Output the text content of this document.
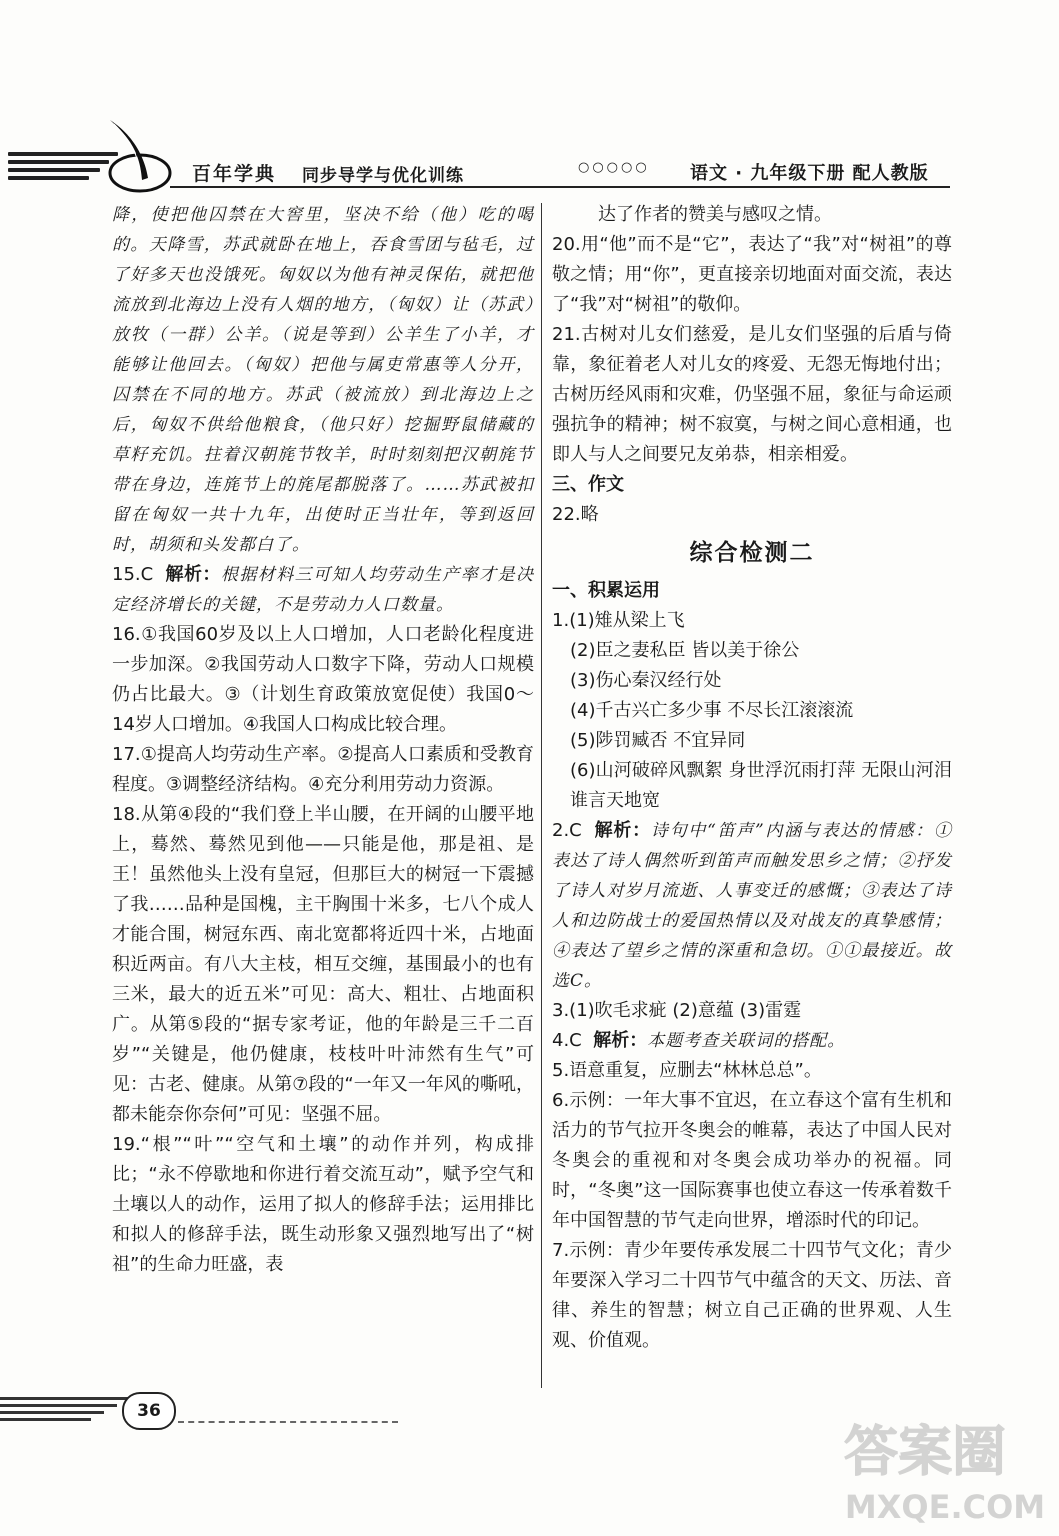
百年学典 同步导学与优化训练	○○○○○ 语文 · 九年级下册 配人教版

降，使把他囚禁在大窖里，坚决不给（他）吃的喝的。天降雪，苏武就卧在地上，吞食雪团与毡毛，过了好多天也没饿死。匈奴以为他有神灵保佑，就把他流放到北海边上没有人烟的地方，（匈奴）让（苏武）放牧（一群）公羊。（说是等到）公羊生了小羊，才能够让他回去。（匈奴）把他与属吏常惠等人分开，囚禁在不同的地方。苏武（被流放）到北海边上之后，匈奴不供给他粮食，（他只好）挖掘野鼠储藏的草籽充饥。拄着汉朝旄节牧羊，时时刻刻把汉朝旄节带在身边，连旄节上的旄尾都脱落了。……苏武被扣留在匈奴一共十九年，出使时正当壮年，等到返回时，胡须和头发都白了。

15.C 解析：根据材料三可知人均劳动生产率才是决定经济增长的关键，不是劳动力人口数量。

16.①我国60岁及以上人口增加，人口老龄化程度进一步加深。②我国劳动人口数字下降，劳动人口规模仍占比最大。③（计划生育政策放宽促使）我国0～14岁人口增加。④我国人口构成比较合理。

17.①提高人均劳动生产率。②提高人口素质和受教育程度。③调整经济结构。④充分利用劳动力资源。

18.从第④段的“我们登上半山腰，在开阔的山腰平地上，蓦然、蓦然见到他——只能是他，那是祖、是王！虽然他头上没有皇冠，但那巨大的树冠一下震撼了我……品种是国槐，主干胸围十米多，七八个成人才能合围，树冠东西、南北宽都将近四十米，占地面积近两亩。有八大主枝，相互交缠，基围最小的也有三米，最大的近五米”可见：高大、粗壮、占地面积广。从第⑤段的“据专家考证，他的年龄是三千二百岁”“关键是，他仍健康，枝枝叶叶沛然有生气”可见：古老、健康。从第⑦段的“一年又一年风的嘶吼，都未能奈你奈何”可见：坚强不屈。

19.“根”“叶”“空气和土壤”的动作并列，构成排比；“永不停歇地和你进行着交流互动”，赋予空气和土壤以人的动作，运用了拟人的修辞手法；运用排比和拟人的修辞手法，既生动形象又强烈地写出了“树祖”的生命力旺盛，表

达了作者的赞美与感叹之情。

20.用“他”而不是“它”，表达了“我”对“树祖”的尊敬之情；用“你”，更直接亲切地面对面交流，表达了“我”对“树祖”的敬仰。

21.古树对儿女们慈爱，是儿女们坚强的后盾与倚靠，象征着老人对儿女的疼爱、无怨无悔地付出；古树历经风雨和灾难，仍坚强不屈，象征与命运顽强抗争的精神；树不寂寞，与树之间心意相通，也即人与人之间要兄友弟恭，相亲相爱。

三、作文

22.略

综合检测二

一、积累运用

1.(1)雉从梁上飞

(2)臣之妻私臣 皆以美于徐公

(3)伤心秦汉经行处

(4)千古兴亡多少事 不尽长江滚滚流

(5)陟罚臧否 不宜异同

(6)山河破碎风飘絮 身世浮沉雨打萍 无限山河泪 谁言天地宽

2.C 解析：诗句中“笛声”内涵与表达的情感：①表达了诗人偶然听到笛声而触发思乡之情；②抒发了诗人对岁月流逝、人事变迁的感慨；③表达了诗人和边防战士的爱国热情以及对战友的真挚感情；④表达了望乡之情的深重和急切。①①最接近。故选C。

3.(1)吹毛求疵 (2)意蕴 (3)雷霆

4.C 解析：本题考查关联词的搭配。

5.语意重复，应删去“林林总总”。

6.示例：一年大事不宜迟，在立春这个富有生机和活力的节气拉开冬奥会的帷幕，表达了中国人民对冬奥会的重视和对冬奥会成功举办的祝福。同时，“冬奥”这一国际赛事也使立春这一传承着数千年中国智慧的节气走向世界，增添时代的印记。

7.示例：青少年要传承发展二十四节气文化；青少年要深入学习二十四节气中蕴含的天文、历法、音律、养生的智慧；树立自己正确的世界观、人生观、价值观。

36
答案圈
MXQE.COM
